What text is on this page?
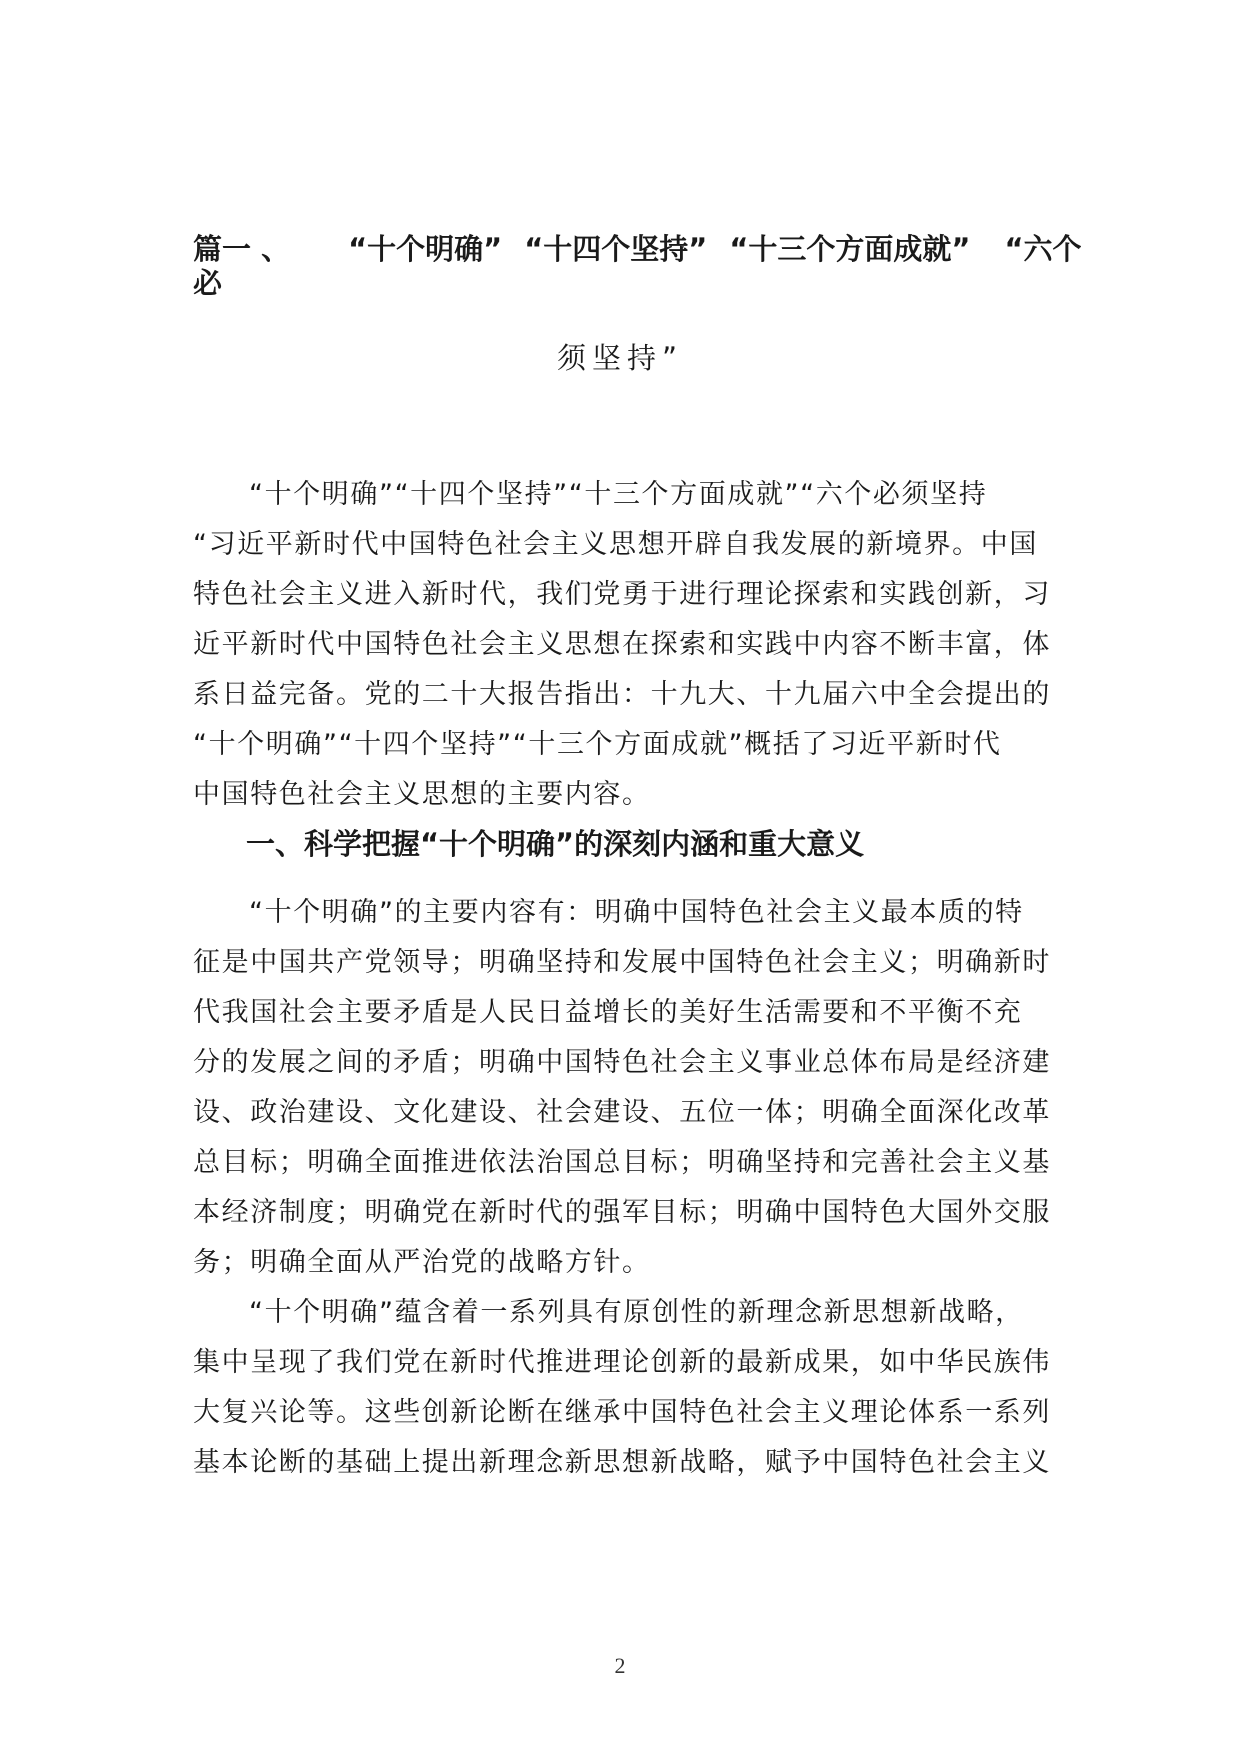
篇一 、 “十个明确” “十四个坚持” “十三个方面成就” “六个
必
须坚持”
“十个明确”“十四个坚持”“十三个方面成就”“六个必须坚持
“习近平新时代中国特色社会主义思想开辟自我发展的新境界。中国
特色社会主义进入新时代，我们党勇于进行理论探索和实践创新，习
近平新时代中国特色社会主义思想在探索和实践中内容不断丰富，体
系日益完备。党的二十大报告指出：十九大、十九届六中全会提出的
“十个明确”“十四个坚持”“十三个方面成就”概括了习近平新时代
中国特色社会主义思想的主要内容。
一、科学把握“十个明确”的深刻内涵和重大意义
“十个明确”的主要内容有：明确中国特色社会主义最本质的特
征是中国共产党领导；明确坚持和发展中国特色社会主义；明确新时
代我国社会主要矛盾是人民日益增长的美好生活需要和不平衡不充
分的发展之间的矛盾；明确中国特色社会主义事业总体布局是经济建
设、政治建设、文化建设、社会建设、五位一体；明确全面深化改革
总目标；明确全面推进依法治国总目标；明确坚持和完善社会主义基
本经济制度；明确党在新时代的强军目标；明确中国特色大国外交服
务；明确全面从严治党的战略方针。
“十个明确”蕴含着一系列具有原创性的新理念新思想新战略，
集中呈现了我们党在新时代推进理论创新的最新成果，如中华民族伟
大复兴论等。这些创新论断在继承中国特色社会主义理论体系一系列
基本论断的基础上提出新理念新思想新战略，赋予中国特色社会主义
2
